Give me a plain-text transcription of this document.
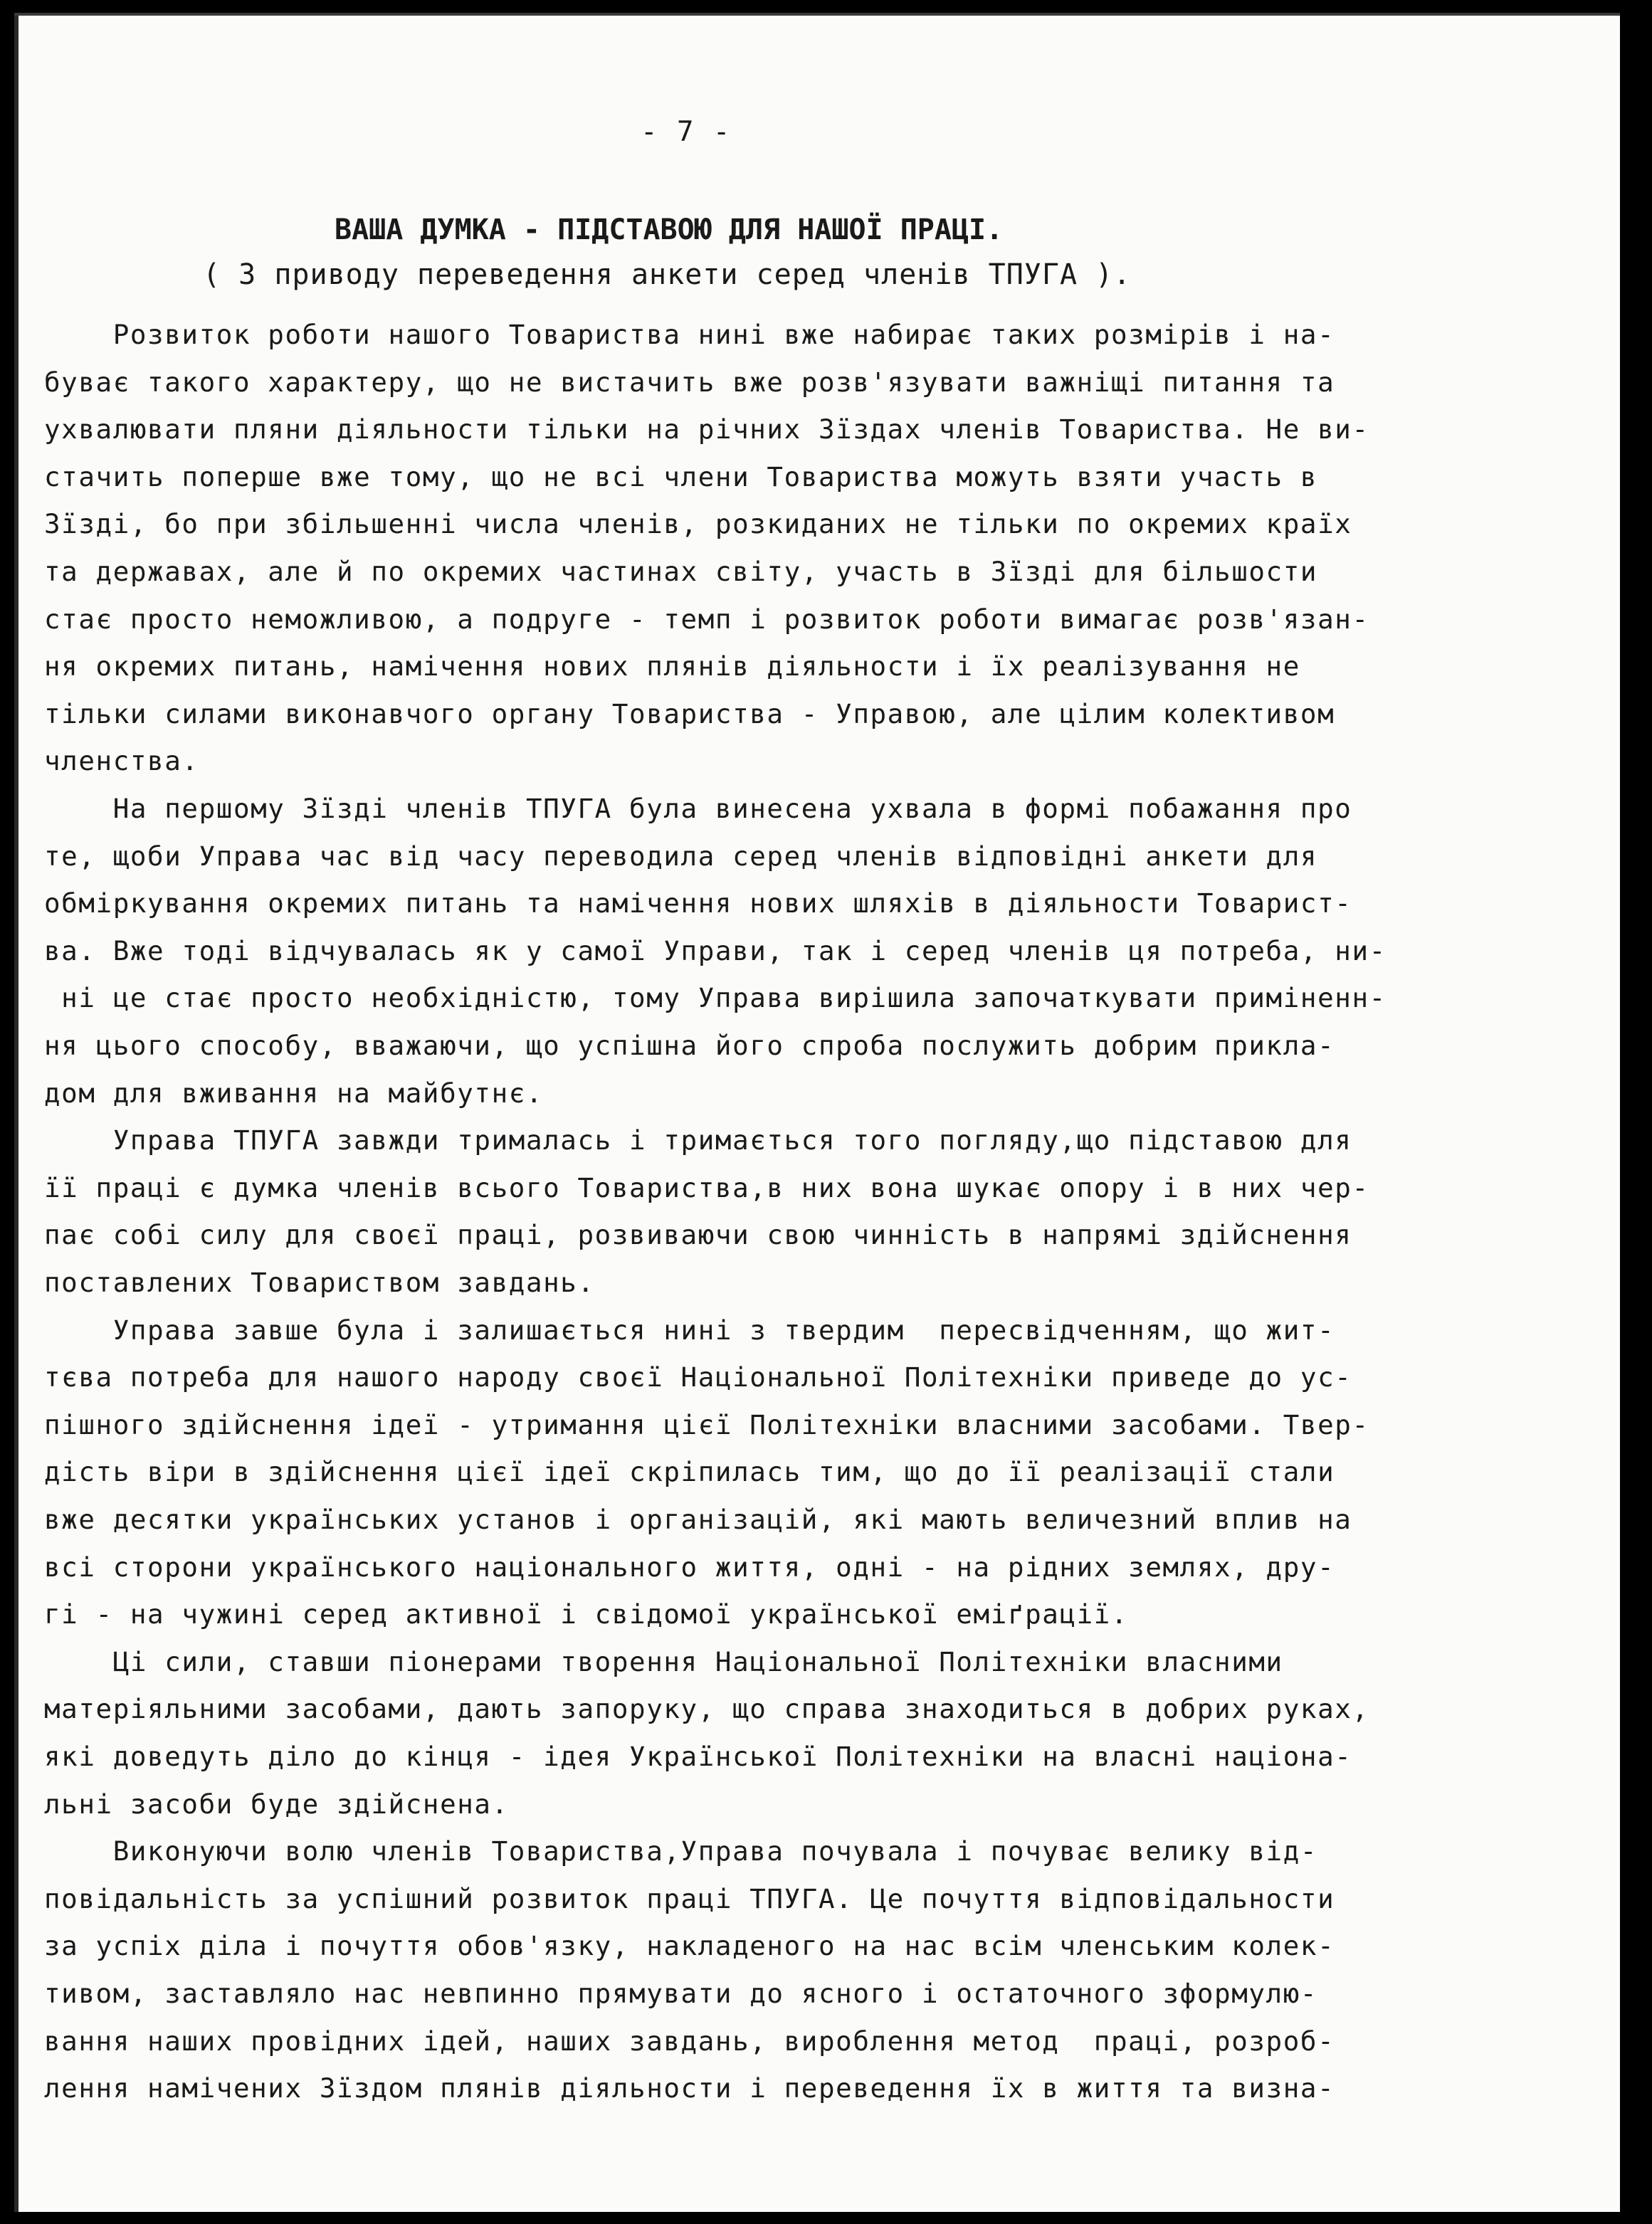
- 7 -
ВАША ДУМКА - ПІДСТАВОЮ ДЛЯ НАШОЇ ПРАЦІ.
( З приводу переведення анкети серед членів ТПУГА ).
Розвиток роботи нашого Товариства нині вже набирає таких розмірів і на-
буває такого характеру, що не вистачить вже розв'язувати важніщі питання та
ухвалювати пляни діяльности тільки на річних Зїздах членів Товариства. Не ви-
стачить поперше вже тому, що не всі члени Товариства можуть взяти участь в
Зїзді, бо при збільшенні числа членів, розкиданих не тільки по окремих країх
та державах, але й по окремих частинах світу, участь в Зїзді для більшости
стає просто неможливою, а подруге - темп і розвиток роботи вимагає розв'язан-
ня окремих питань, намічення нових плянів діяльности і їх реалізування не
тільки силами виконавчого органу Товариства - Управою, але цілим колективом
членства.
На першому Зїзді членів ТПУГА була винесена ухвала в формі побажання про
те, щоби Управа час від часу переводила серед членів відповідні анкети для
обміркування окремих питань та намічення нових шляхів в діяльности Товарист-
ва. Вже тоді відчувалась як у самої Управи, так і серед членів ця потреба, ни-
ні це стає просто необхідністю, тому Управа вирішила започаткувати приміненн-
ня цього способу, вважаючи, що успішна його спроба послужить добрим приклa-
дом для вживання на майбутнє.
Управа ТПУГА завжди трималась і тримається того погляду,що підставою для
її праці є думка членів всього Товариства,в них вона шукає опору і в них чер-
пає собі силу для своєї праці, розвиваючи свою чинність в напрямі здійснення
поставлених Товариством завдань.
Управа завше була і залишається нині з твердим  пересвідченням, що жит-
тєва потреба для нашого народу своєї Національної Політехніки приведе до ус-
пішного здійснення ідеї - утримання цієї Політехніки власними засобами. Твер-
дість віри в здійснення цієї ідеї скріпилась тим, що до її реалізації стали
вже десятки українських установ і організацій, які мають величезний вплив на
всі сторони українського національного життя, одні - на рідних землях, дру-
гі - на чужині серед активної і свідомої української еміґрації.
Ці сили, ставши піонерами творення Національної Політехніки власними
матеріяльними засобами, дають запоруку, що справа знаходиться в добрих руках,
які доведуть діло до кінця - ідея Української Політехніки на власні націона-
льні засоби буде здійснена.
Виконуючи волю членів Товариства,Управа почувала і почуває велику від-
повідальність за успішний розвиток праці ТПУГА. Це почуття відповідальности
за успіх діла і почуття обов'язку, накладеного на нас всім членським колек-
тивом, заставляло нас невпинно прямувати до ясного і остаточного зформулю-
вання наших провідних ідей, наших завдань, вироблення метод  праці, розроб-
лення намічених Зїздом плянів діяльности і переведення їх в життя та визна-
